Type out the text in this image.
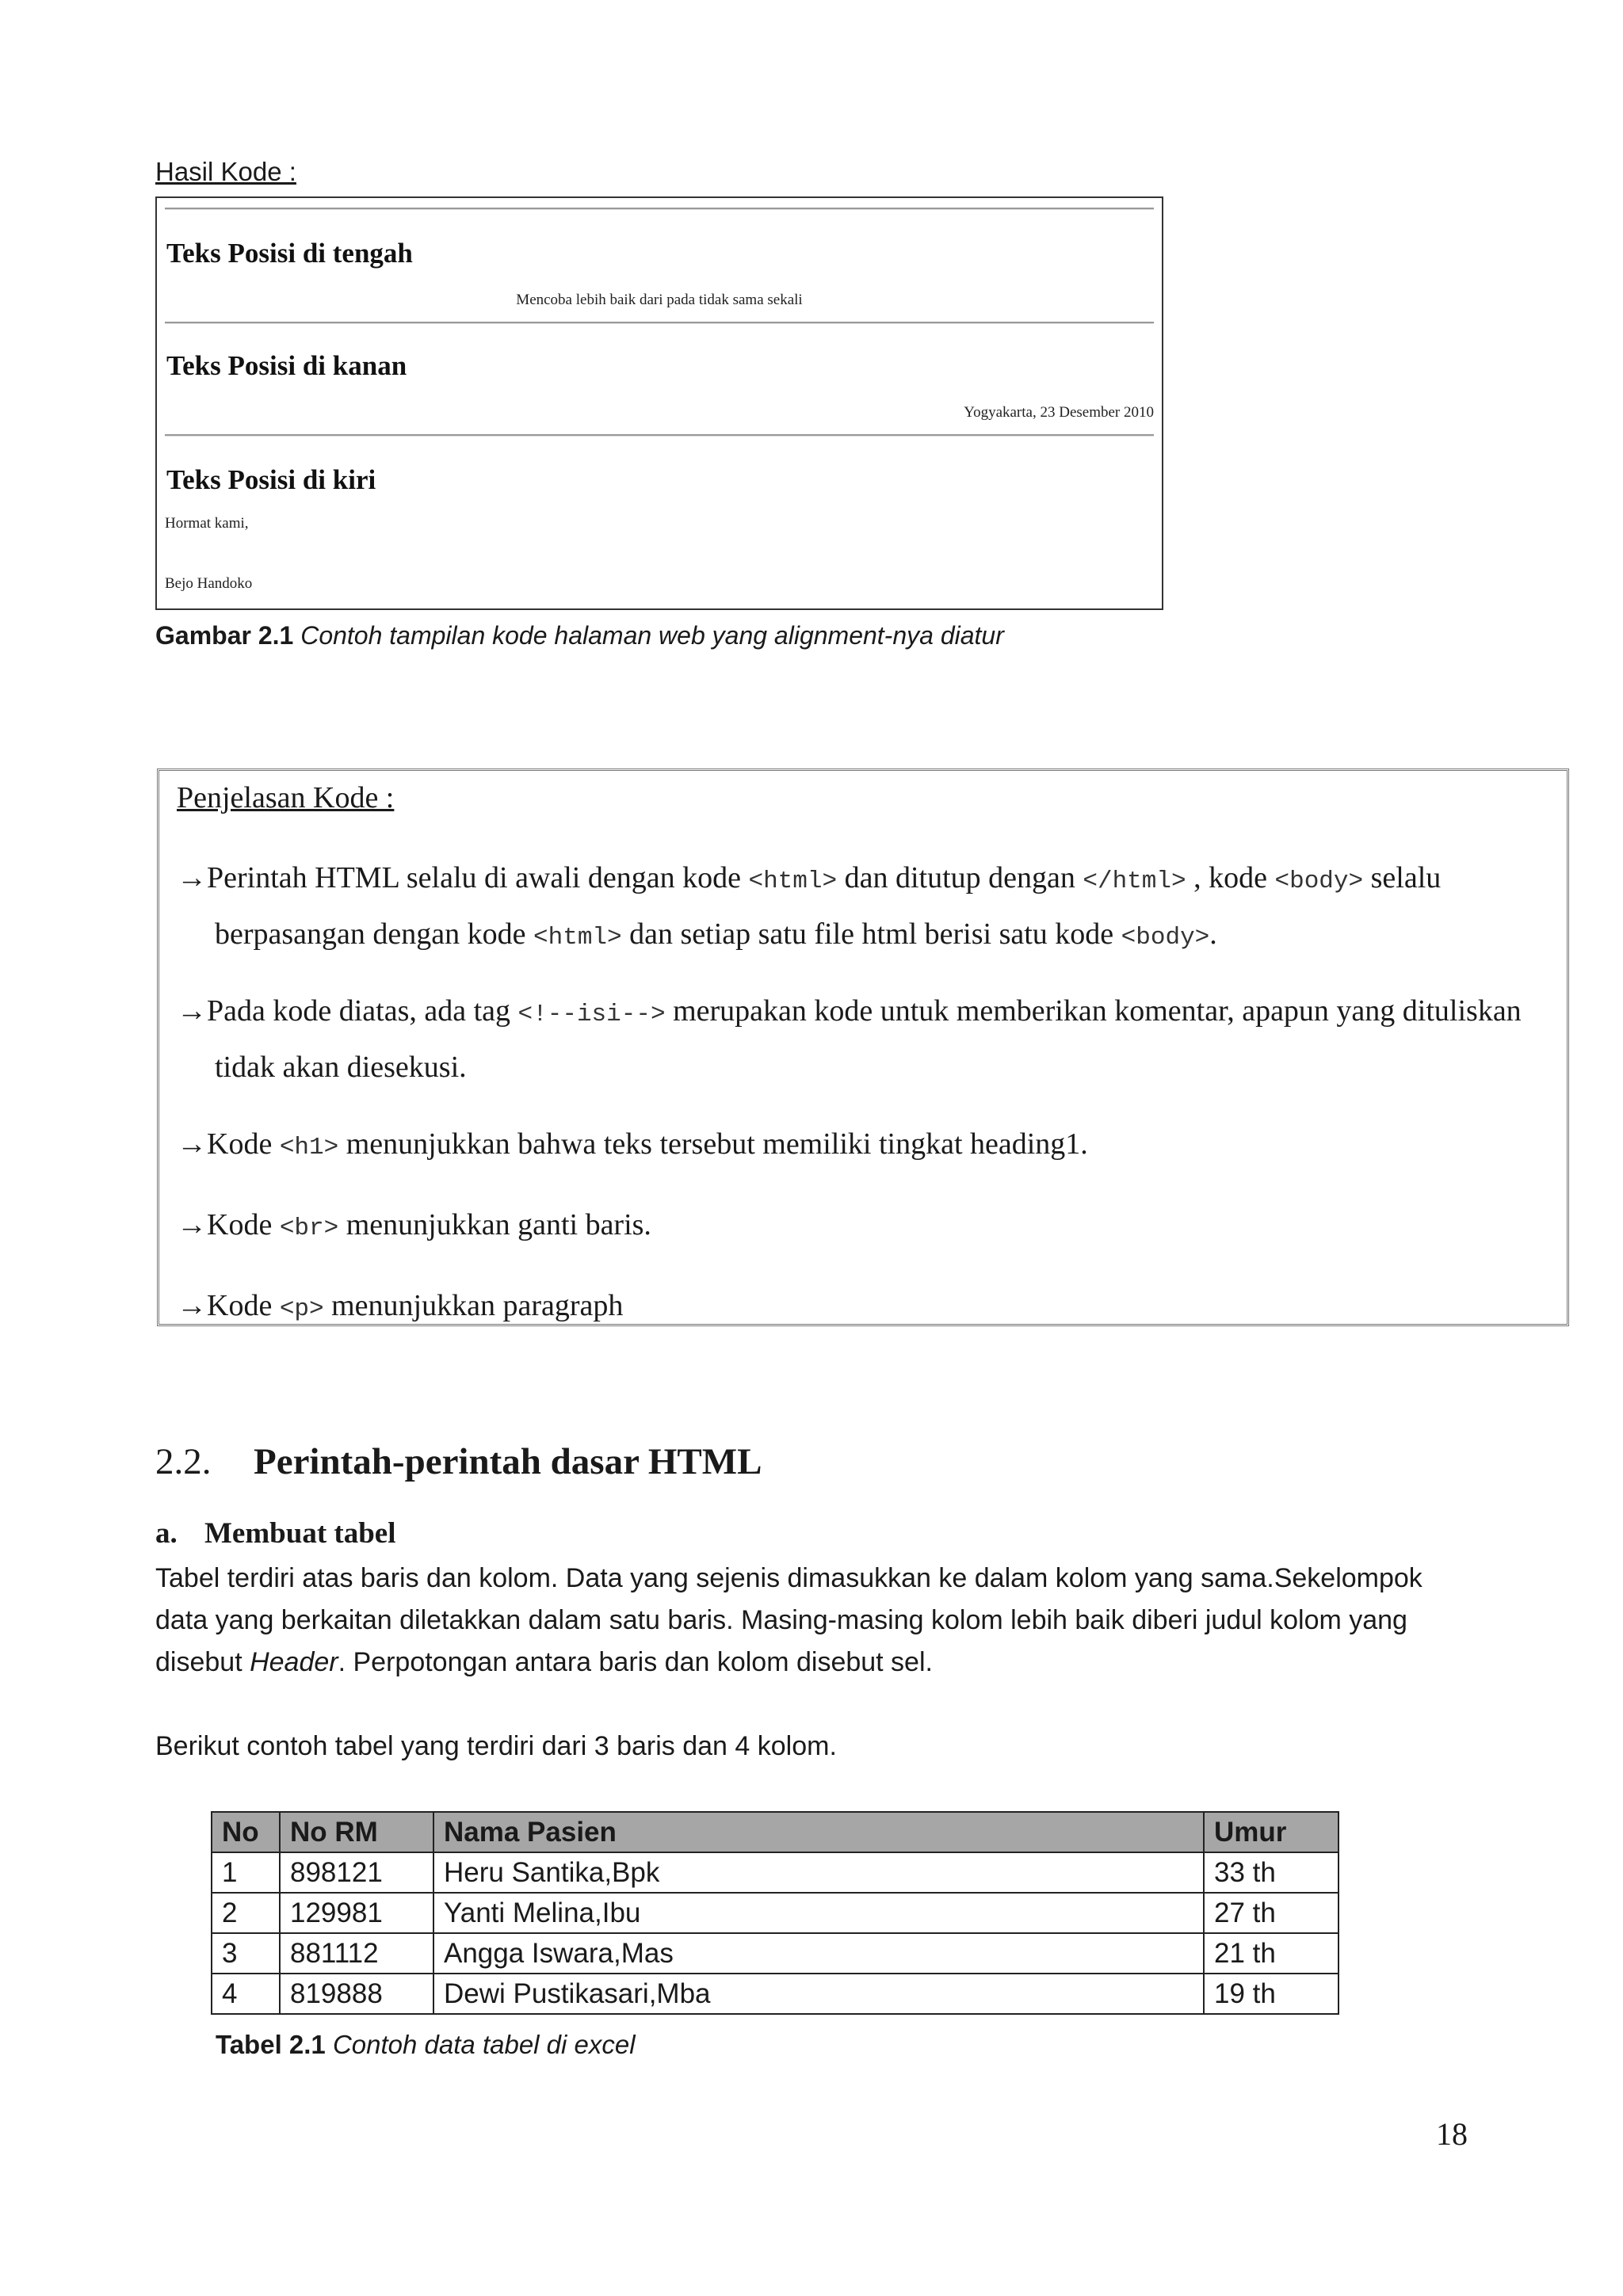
Hasil Kode :
Teks Posisi di tengah
Mencoba lebih baik dari pada tidak sama sekali
Teks Posisi di kanan
Yogyakarta, 23 Desember 2010
Teks Posisi di kiri
Hormat kami,
Bejo Handoko
Gambar 2.1 Contoh tampilan kode halaman web yang alignment-nya diatur
Penjelasan Kode :
→Perintah HTML selalu di awali dengan kode <html> dan ditutup dengan </html> , kode <body> selalu
berpasangan dengan kode <html> dan setiap satu file html berisi satu kode <body>.
→Pada kode diatas, ada tag <!--isi--> merupakan kode untuk memberikan komentar, apapun yang dituliskan
tidak akan diesekusi.
→Kode <h1> menunjukkan bahwa teks tersebut memiliki tingkat heading1.
→Kode <br> menunjukkan ganti baris.
→Kode <p> menunjukkan paragraph
2.2. Perintah-perintah dasar HTML
a. Membuat tabel
Tabel terdiri atas baris dan kolom. Data yang sejenis dimasukkan ke dalam kolom yang sama.Sekelompok
data yang berkaitan diletakkan dalam satu baris. Masing-masing kolom lebih baik diberi judul kolom yang
disebut Header. Perpotongan antara baris dan kolom disebut sel.
Berikut contoh tabel yang terdiri dari 3 baris dan 4 kolom.
No	No RM	Nama Pasien	Umur
1	898121	Heru Santika,Bpk	33 th
2	129981	Yanti Melina,Ibu	27 th
3	881112	Angga Iswara,Mas	21 th
4	819888	Dewi Pustikasari,Mba	19 th
Tabel 2.1 Contoh data tabel di excel
18
